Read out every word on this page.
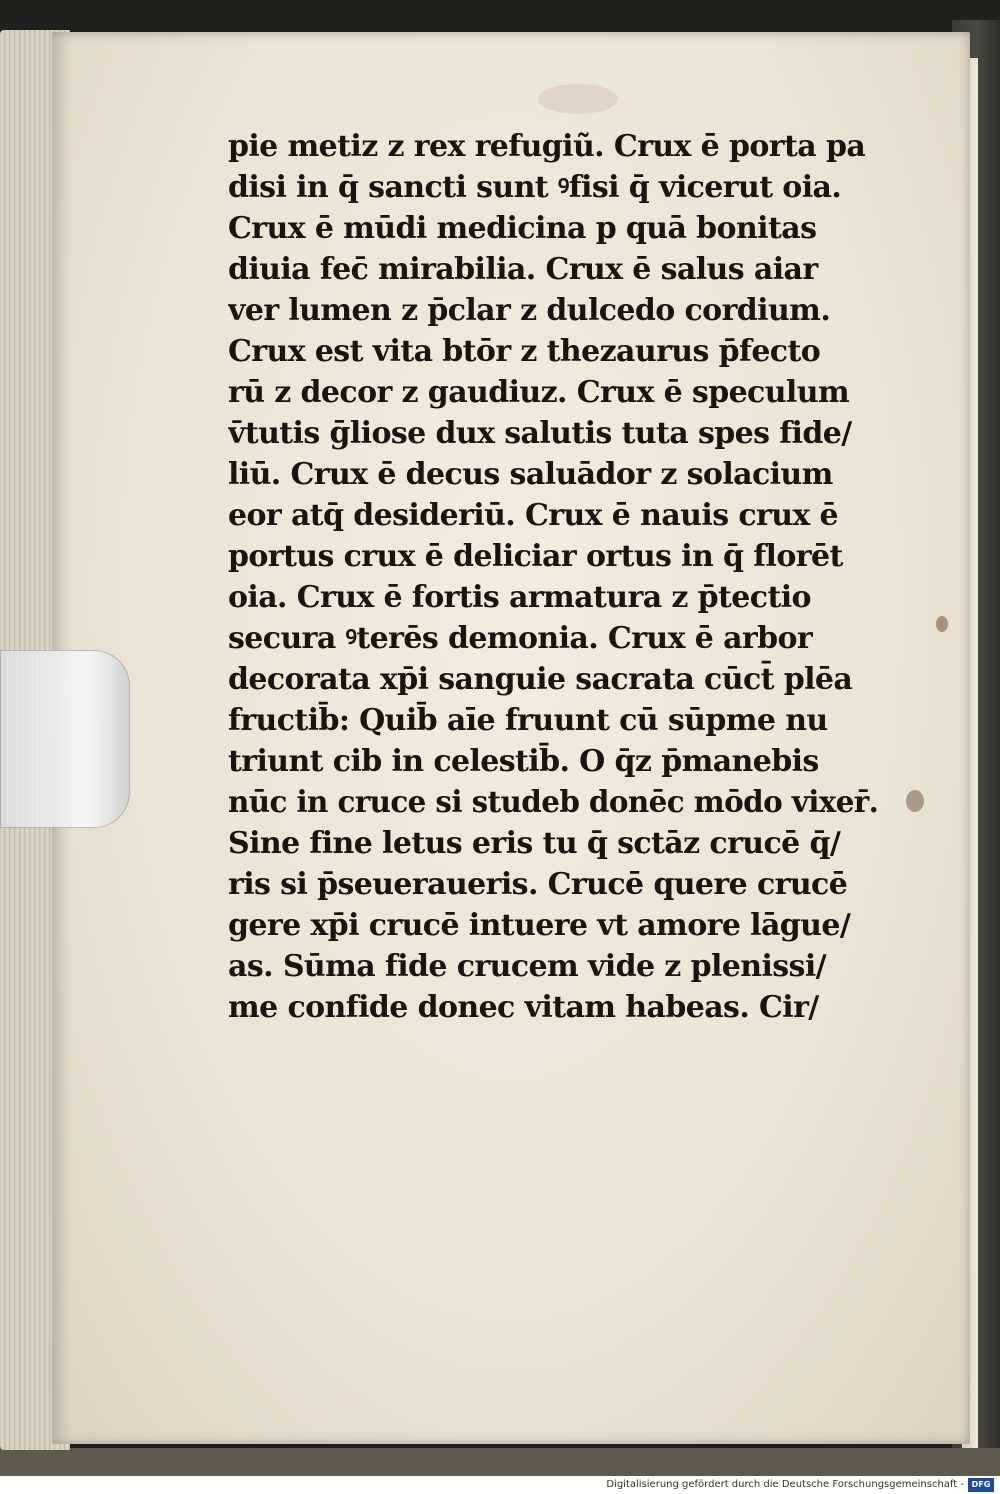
pie metiz z rex refugiũ. Crux ē porta pa
disi in q̄ sancti sunt ꝰfisi q̄ vicerut oia.
Crux ē mūdi medicina p quā bonitas
diuia fec̄ mirabilia. Crux ē salus aiar
ver lumen z p̄clar z dulcedo cordium.
Crux est vita btōr z thezaurus p̄fecto
rū z decor z gaudiuz. Crux ē speculum
v̄tutis ḡliose dux salutis tuta spes fide/
liū. Crux ē decus saluādor z solacium
eor atq̄ desideriū. Crux ē nauis crux ē
portus crux ē deliciar ortus in q̄ florēt
oia. Crux ē fortis armatura z p̄tectio
secura ꝰterēs demonia. Crux ē arbor
decorata xp̄i sanguie sacrata cūct̄ plēa
fructib̄: Quib̄ aīe fruunt cū sūpme nu
triunt cib in celestib̄. O q̄z p̄manebis
nūc in cruce si studeb donēc mōdo vixer̄.
Sine fine letus eris tu q̄ sctāz crucē q̄/
ris si p̄seueraueris. Crucē quere crucē
gere xp̄i crucē intuere vt amore lāgue/
as. Sūma fide crucem vide z plenissi/
me confide donec vitam habeas. Cir/
Digitalisierung gefördert durch die Deutsche Forschungsgemeinschaft - DFG
